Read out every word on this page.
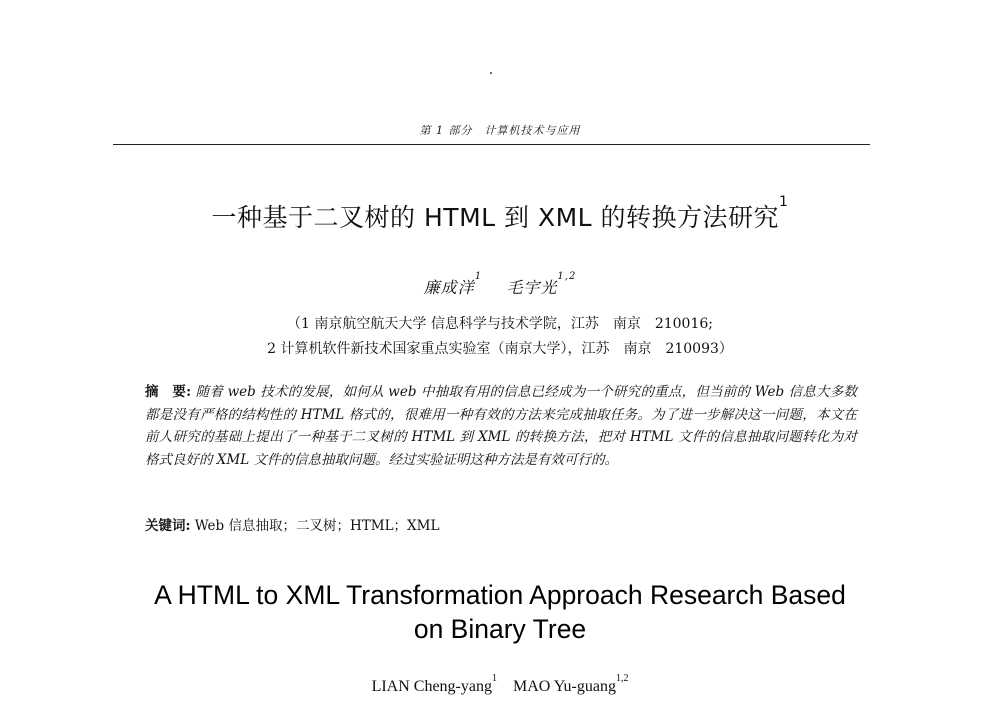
第 1 部分　计算机技术与应用
一种基于二叉树的 HTML 到 XML 的转换方法研究$^1$
廉成洋$^1$    毛宇光$^{1,2}$
（1 南京航空航天大学 信息科学与技术学院，江苏　南京　210016;
2 计算机软件新技术国家重点实验室（南京大学），江苏　南京　210093）
摘　要: 随着 web 技术的发展，如何从 web 中抽取有用的信息已经成为一个研究的重点，但当前的 Web 信息大多数都是没有严格的结构性的 HTML 格式的，很难用一种有效的方法来完成抽取任务。为了进一步解决这一问题，本文在前人研究的基础上提出了一种基于二叉树的 HTML 到 XML 的转换方法，把对 HTML 文件的信息抽取问题转化为对格式良好的 XML 文件的信息抽取问题。经过实验证明这种方法是有效可行的。
关键词: Web 信息抽取；二叉树；HTML；XML
A HTML to XML Transformation Approach Research Based
on Binary Tree
LIAN Cheng-yang$^1$ MAO Yu-guang$^{1,2}$
